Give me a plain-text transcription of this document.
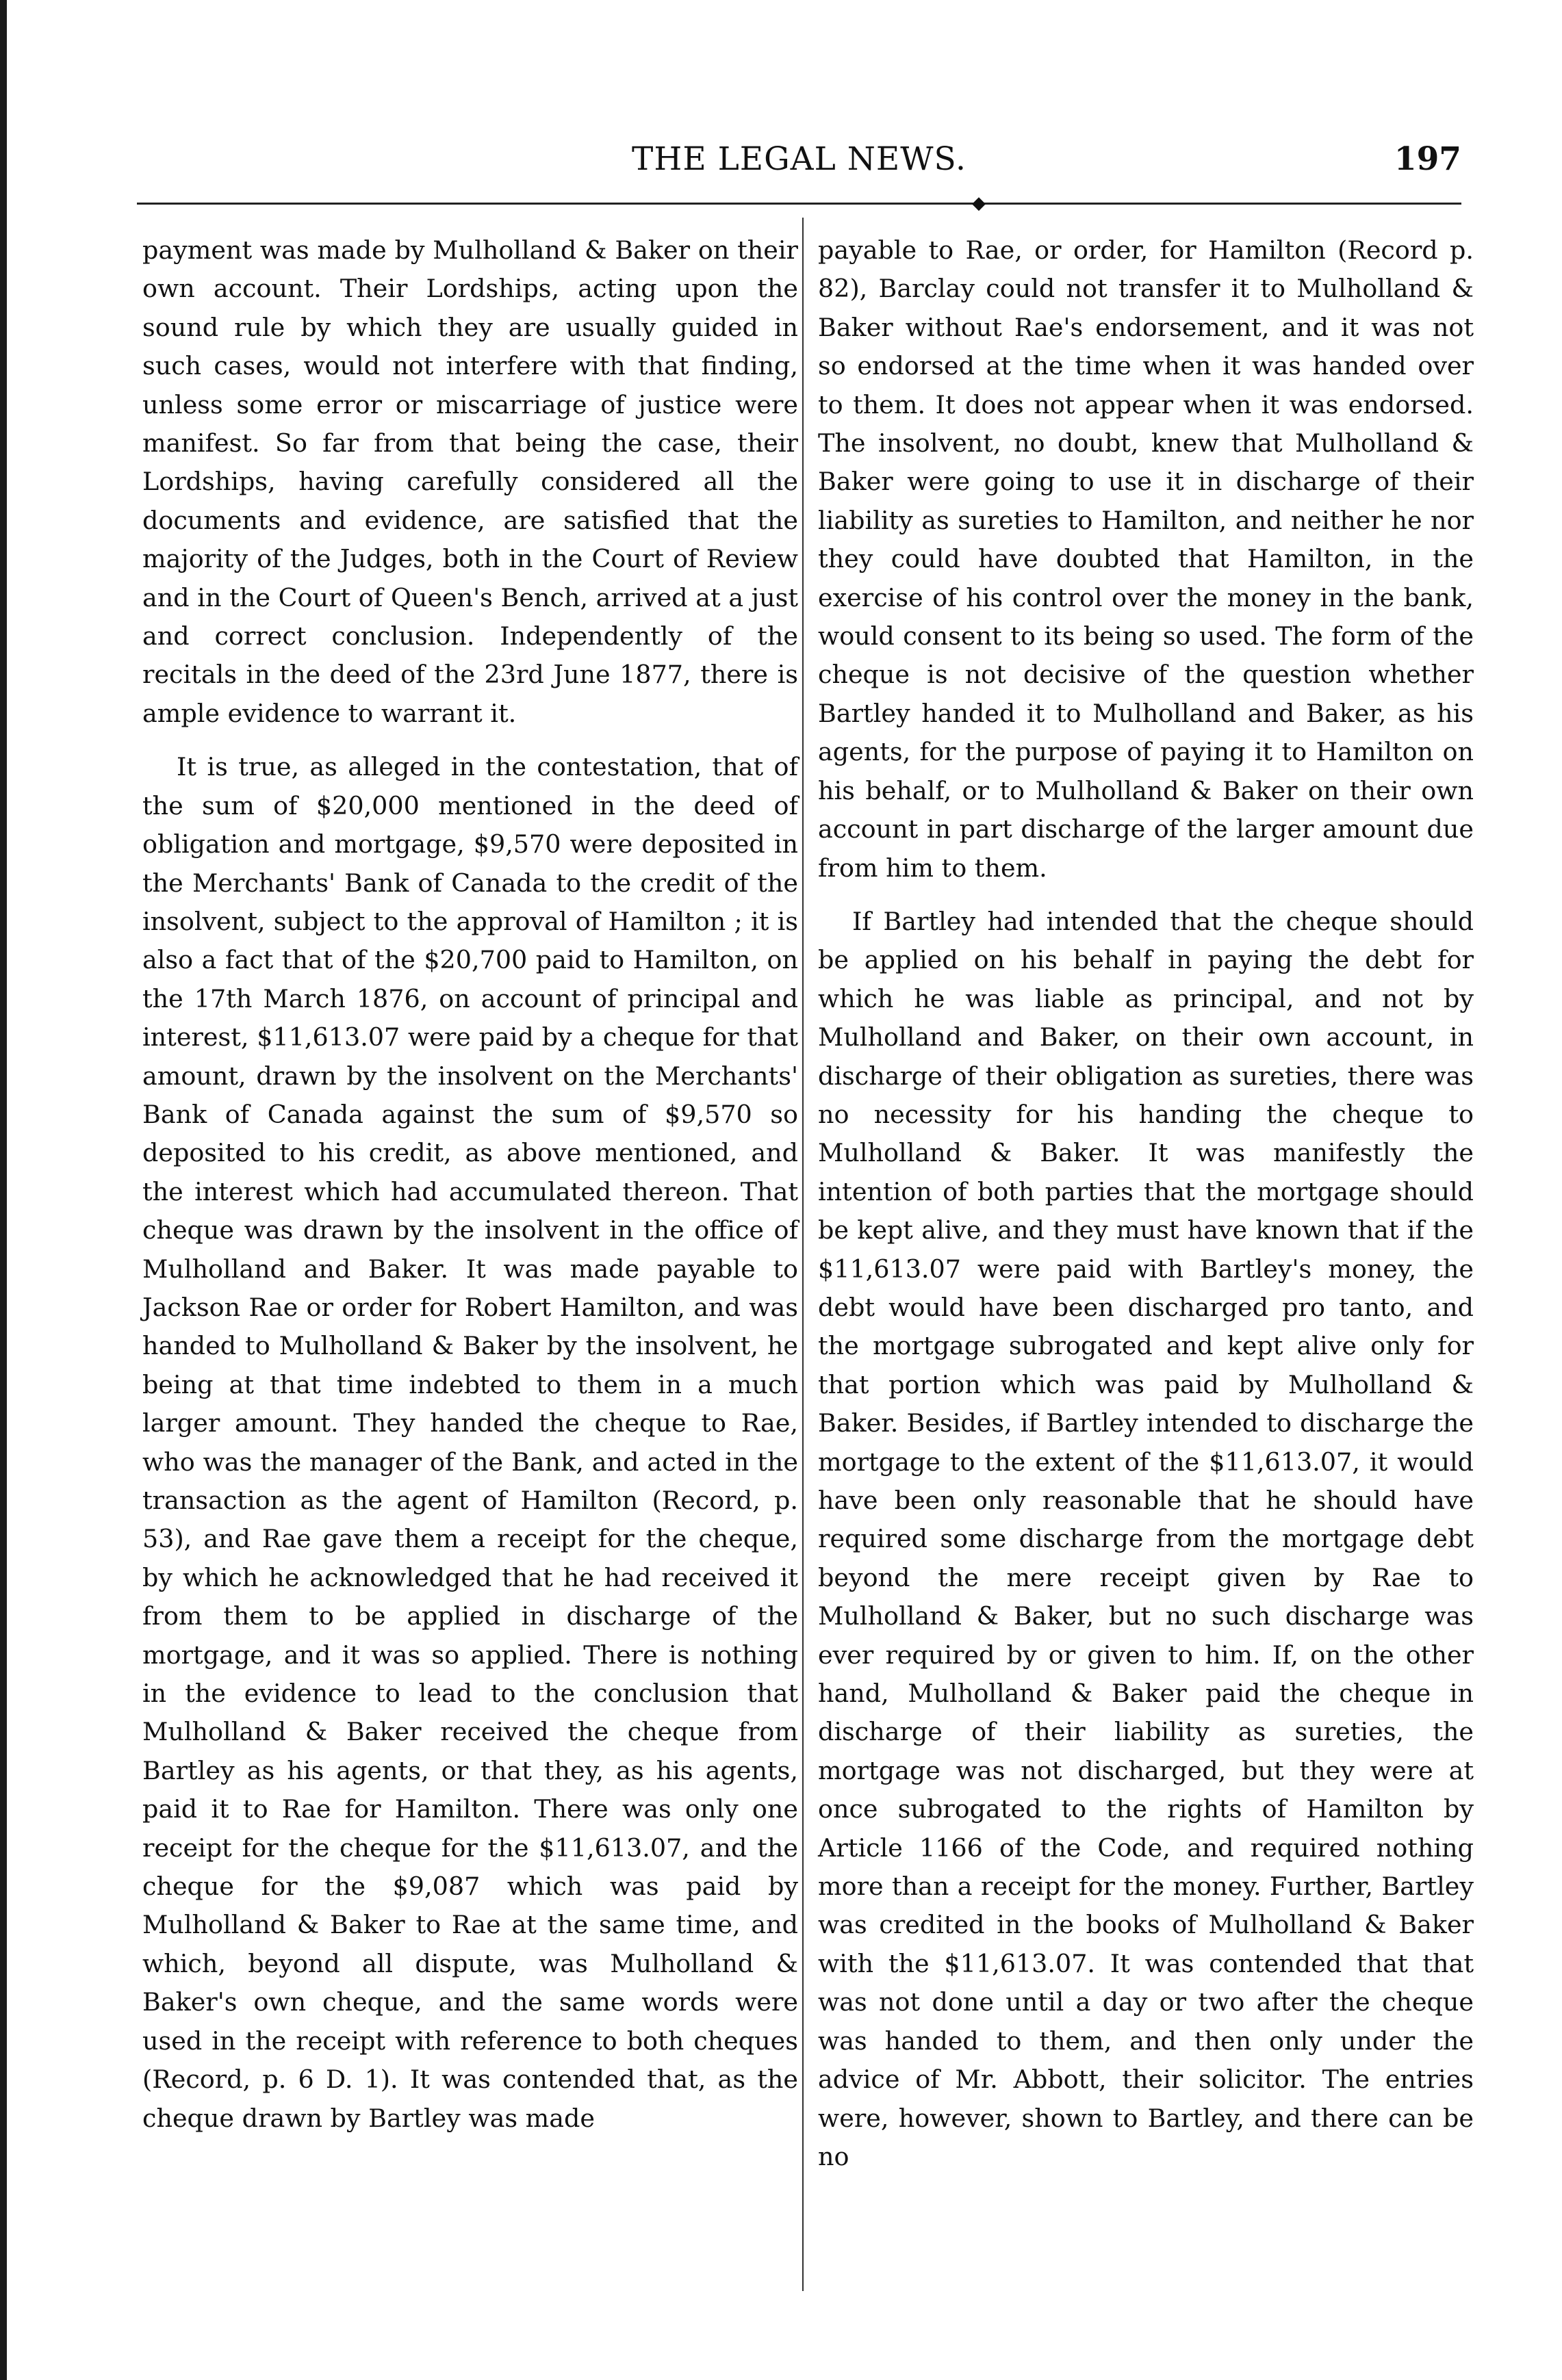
THE LEGAL NEWS.	197
◆

payment was made by Mulholland & Baker on their own account. Their Lordships, acting upon the sound rule by which they are usually guided in such cases, would not interfere with that finding, unless some error or miscarriage of justice were manifest. So far from that being the case, their Lordships, having carefully considered all the documents and evidence, are satisfied that the majority of the Judges, both in the Court of Review and in the Court of Queen's Bench, arrived at a just and correct conclusion. Independently of the recitals in the deed of the 23rd June 1877, there is ample evidence to warrant it.

It is true, as alleged in the contestation, that of the sum of $20,000 mentioned in the deed of obligation and mortgage, $9,570 were deposited in the Merchants' Bank of Canada to the credit of the insolvent, subject to the approval of Hamilton ; it is also a fact that of the $20,700 paid to Hamilton, on the 17th March 1876, on account of principal and interest, $11,613.07 were paid by a cheque for that amount, drawn by the insolvent on the Merchants' Bank of Canada against the sum of $9,570 so deposited to his credit, as above mentioned, and the interest which had accumulated thereon. That cheque was drawn by the insolvent in the office of Mulholland and Baker. It was made payable to Jackson Rae or order for Robert Hamilton, and was handed to Mulholland & Baker by the insolvent, he being at that time indebted to them in a much larger amount. They handed the cheque to Rae, who was the manager of the Bank, and acted in the transaction as the agent of Hamilton (Record, p. 53), and Rae gave them a receipt for the cheque, by which he acknowledged that he had received it from them to be applied in discharge of the mortgage, and it was so applied. There is nothing in the evidence to lead to the conclusion that Mulholland & Baker received the cheque from Bartley as his agents, or that they, as his agents, paid it to Rae for Hamilton. There was only one receipt for the cheque for the $11,613.07, and the cheque for the $9,087 which was paid by Mulholland & Baker to Rae at the same time, and which, beyond all dispute, was Mulholland & Baker's own cheque, and the same words were used in the receipt with reference to both cheques (Record, p. 6 D. 1). It was contended that, as the cheque drawn by Bartley was made

payable to Rae, or order, for Hamilton (Record p. 82), Barclay could not transfer it to Mulholland & Baker without Rae's endorsement, and it was not so endorsed at the time when it was handed over to them. It does not appear when it was endorsed. The insolvent, no doubt, knew that Mulholland & Baker were going to use it in discharge of their liability as sureties to Hamilton, and neither he nor they could have doubted that Hamilton, in the exercise of his control over the money in the bank, would consent to its being so used. The form of the cheque is not decisive of the question whether Bartley handed it to Mulholland and Baker, as his agents, for the purpose of paying it to Hamilton on his behalf, or to Mulholland & Baker on their own account in part discharge of the larger amount due from him to them.

If Bartley had intended that the cheque should be applied on his behalf in paying the debt for which he was liable as principal, and not by Mulholland and Baker, on their own account, in discharge of their obligation as sureties, there was no necessity for his handing the cheque to Mulholland & Baker. It was manifestly the intention of both parties that the mortgage should be kept alive, and they must have known that if the $11,613.07 were paid with Bartley's money, the debt would have been discharged pro tanto, and the mortgage subrogated and kept alive only for that portion which was paid by Mulholland & Baker. Besides, if Bartley intended to discharge the mortgage to the extent of the $11,613.07, it would have been only reasonable that he should have required some discharge from the mortgage debt beyond the mere receipt given by Rae to Mulholland & Baker, but no such discharge was ever required by or given to him. If, on the other hand, Mulholland & Baker paid the cheque in discharge of their liability as sureties, the mortgage was not discharged, but they were at once subrogated to the rights of Hamilton by Article 1166 of the Code, and required nothing more than a receipt for the money. Further, Bartley was credited in the books of Mulholland & Baker with the $11,613.07. It was contended that that was not done until a day or two after the cheque was handed to them, and then only under the advice of Mr. Abbott, their solicitor. The entries were, however, shown to Bartley, and there can be no
